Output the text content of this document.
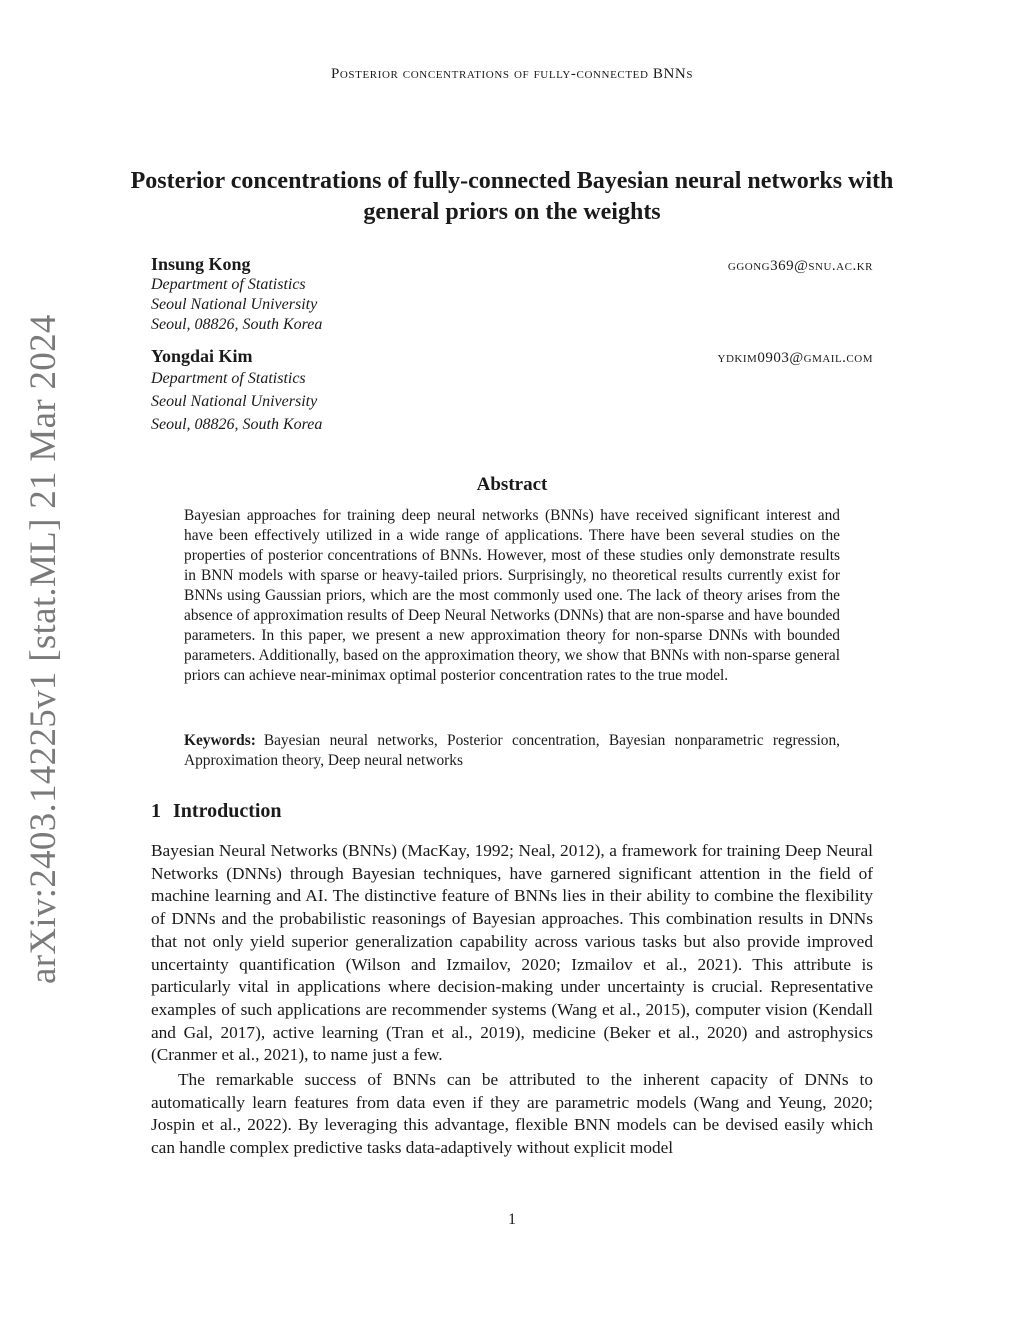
Posterior concentrations of fully-connected BNNs
Posterior concentrations of fully-connected Bayesian neural networks with general priors on the weights
Insung Kong	ggong369@snu.ac.kr
Department of Statistics
Seoul National University
Seoul, 08826, South Korea
Yongdai Kim	ydkim0903@gmail.com
Department of Statistics
Seoul National University
Seoul, 08826, South Korea
Abstract
Bayesian approaches for training deep neural networks (BNNs) have received significant interest and have been effectively utilized in a wide range of applications. There have been several studies on the properties of posterior concentrations of BNNs. However, most of these studies only demonstrate results in BNN models with sparse or heavy-tailed priors. Surprisingly, no theoretical results currently exist for BNNs using Gaussian priors, which are the most commonly used one. The lack of theory arises from the absence of approximation results of Deep Neural Networks (DNNs) that are non-sparse and have bounded parameters. In this paper, we present a new approximation theory for non-sparse DNNs with bounded parameters. Additionally, based on the approximation theory, we show that BNNs with non-sparse general priors can achieve near-minimax optimal posterior concentration rates to the true model.
Keywords: Bayesian neural networks, Posterior concentration, Bayesian nonparametric regression, Approximation theory, Deep neural networks
1 Introduction

Bayesian Neural Networks (BNNs) (MacKay, 1992; Neal, 2012), a framework for training Deep Neural Networks (DNNs) through Bayesian techniques, have garnered significant attention in the field of machine learning and AI. The distinctive feature of BNNs lies in their ability to combine the flexibility of DNNs and the probabilistic reasonings of Bayesian approaches. This combination results in DNNs that not only yield superior generalization capability across various tasks but also provide improved uncertainty quantification (Wilson and Izmailov, 2020; Izmailov et al., 2021). This attribute is particularly vital in applications where decision-making under uncertainty is crucial. Representative examples of such applications are recommender systems (Wang et al., 2015), computer vision (Kendall and Gal, 2017), active learning (Tran et al., 2019), medicine (Beker et al., 2020) and astrophysics (Cranmer et al., 2021), to name just a few.

The remarkable success of BNNs can be attributed to the inherent capacity of DNNs to automatically learn features from data even if they are parametric models (Wang and Yeung, 2020; Jospin et al., 2022). By leveraging this advantage, flexible BNN models can be devised easily which can handle complex predictive tasks data-adaptively without explicit model

1
arXiv:2403.14225v1 [stat.ML] 21 Mar 2024
